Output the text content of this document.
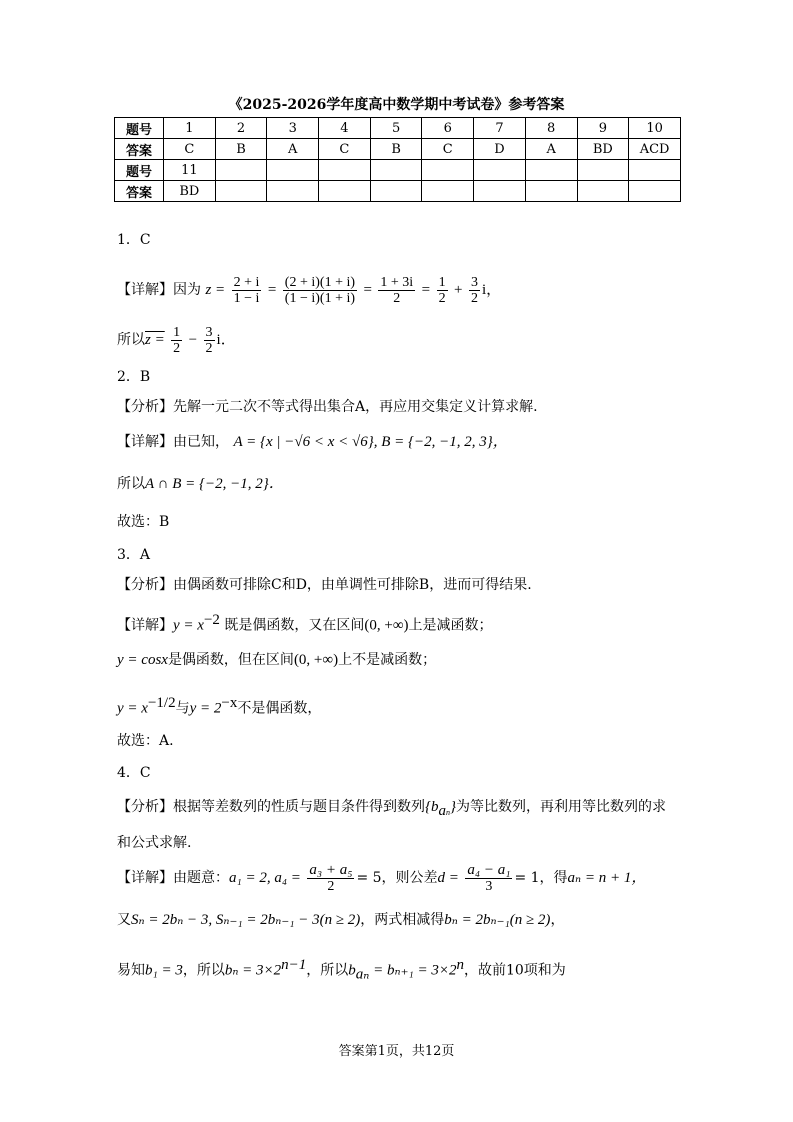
《2025-2026学年度高中数学期中考试卷》参考答案
题号	1	2	3	4	5	6	7	8	9	10
答案	C	B	A	C	B	C	D	A	BD	ACD
题号	11									
答案	BD									
1．C
【详解】因为 $z = \frac{2 + i}{1 - i} = \frac{(2 + i)(1 + i)}{(1 - i)(1 + i)} = \frac{1 + 3i}{2} = \frac{1}{2} + \frac{3}{2}$ i，
所以$z = \frac{1}{2} - \frac{3}{2}$ i．
2．B
【分析】先解一元二次不等式得出集合A，再应用交集定义计算求解.
【详解】由已知， A = {x | −√6 < x < √6}, B = {−2, −1, 2, 3}，
所以A ∩ B = {−2, −1, 2}．
故选：B
3．A
【分析】由偶函数可排除C和D，由单调性可排除B，进而可得结果.
【详解】$y = x^{-2}$ 既是偶函数，又在区间(0, +∞)上是减函数；
y = cosx是偶函数，但在区间(0, +∞)上不是减函数；
$y = x^{-1/2}$与$y = 2^{-x}$不是偶函数，
故选：A.
4．C
【分析】根据等差数列的性质与题目条件得到数列$\{b_{an}\}$为等比数列，再利用等比数列的求
和公式求解.
【详解】由题意：a₁ = 2, $a_4 = \frac{\text{a₃ + a₅}}{2} = 5$，则公差$d = \frac{\text{a₄ − a₁}}{3} = 1$，得aₙ = n + 1，
又Sₙ = 2bₙ − 3, Sₙ₋₁ = 2bₙ₋₁ − 3(n ≥ 2)，两式相减得bₙ = 2bₙ₋₁(n ≥ 2)，
易知b₁ = 3，所以$b_n = 3\times 2^{n-1}$，所以$b_{a_n} = b_{n+1} = 3\times 2^n$，故前10项和为
答案第1页，共12页
